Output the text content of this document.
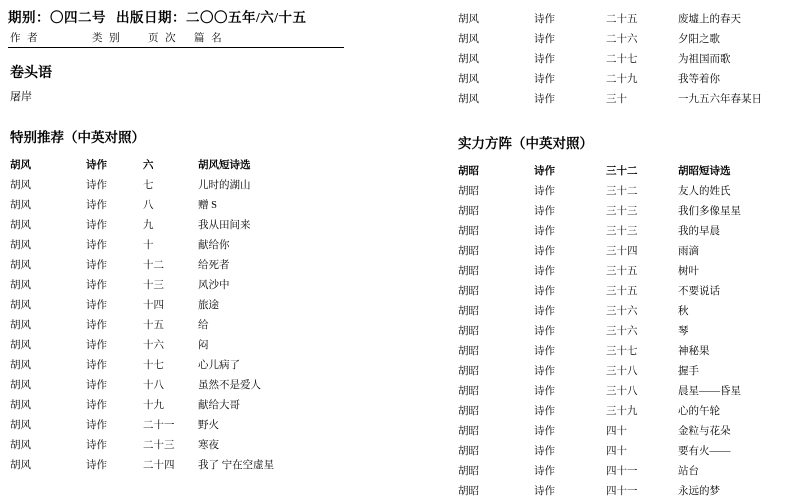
期别：〇四二号 出版日期：二〇〇五年/六/十五
作 者	类 别	页 次	篇 名
卷头语
屠岸
特别推荐（中英对照）
胡风	诗作	六	胡风短诗选
胡风	诗作	七	儿时的湖山
胡风	诗作	八	赠 S
胡风	诗作	九	我从田间来
胡风	诗作	十	献给你
胡风	诗作	十二	给死者
胡风	诗作	十三	风沙中
胡风	诗作	十四	旅途
胡风	诗作	十五	给
胡风	诗作	十六	闷
胡风	诗作	十七	心儿病了
胡风	诗作	十八	虽然不是爱人
胡风	诗作	十九	献给大哥
胡风	诗作	二十一	野火
胡风	诗作	二十三	寒夜
胡风	诗作	二十四	我了 宁在空虚星
胡风	诗作	二十五	废墟上的春天
胡风	诗作	二十六	夕阳之歌
胡风	诗作	二十七	为祖国而歌
胡风	诗作	二十九	我等着你
胡风	诗作	三十	一九五六年春某日
实力方阵（中英对照）
胡昭	诗作	三十二	胡昭短诗选
胡昭	诗作	三十二	友人的姓氏
胡昭	诗作	三十三	我们多像星星
胡昭	诗作	三十三	我的早晨
胡昭	诗作	三十四	雨滴
胡昭	诗作	三十五	树叶
胡昭	诗作	三十五	不要说话
胡昭	诗作	三十六	秋
胡昭	诗作	三十六	琴
胡昭	诗作	三十七	神秘果
胡昭	诗作	三十八	握手
胡昭	诗作	三十八	晨星——昏星
胡昭	诗作	三十九	心的午轮
胡昭	诗作	四十	金粒与花朵
胡昭	诗作	四十	要有火——
胡昭	诗作	四十一	站台
胡昭	诗作	四十一	永远的梦
